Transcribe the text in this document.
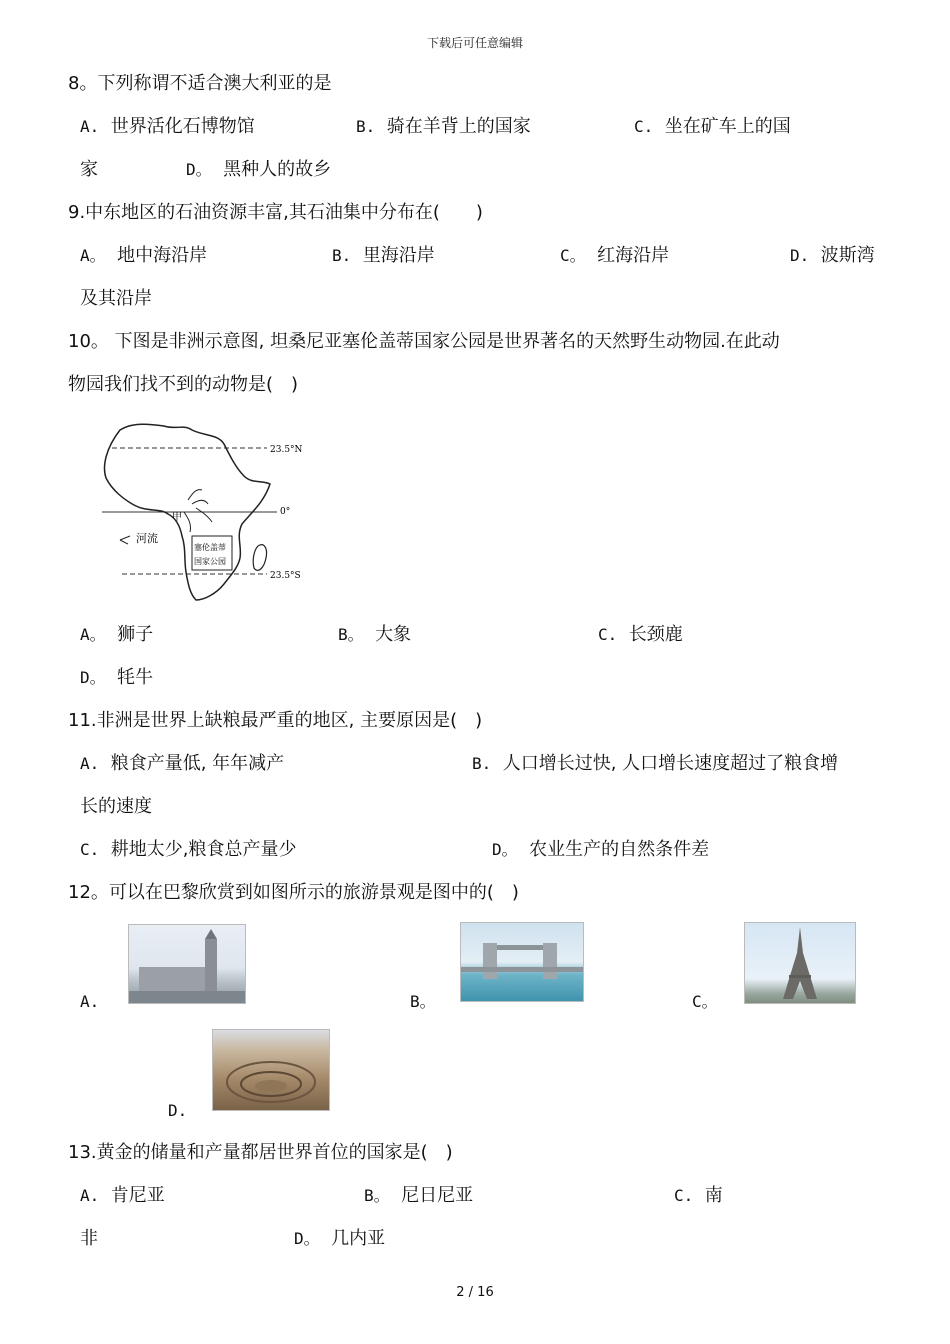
下载后可任意编辑
8。下列称谓不适合澳大利亚的是
A. 世界活化石博物馆	B. 骑在羊背上的国家	C. 坐在矿车上的国
家	D。 黑种人的故乡
9.中东地区的石油资源丰富,其石油集中分布在(　　)
A。 地中海沿岸	B. 里海沿岸	C。 红海沿岸	D. 波斯湾
及其沿岸
10。 下图是非洲示意图, 坦桑尼亚塞伦盖蒂国家公园是世界著名的天然野生动物园.在此动
物园我们找不到的动物是(　)
23.5°N
0°
23.5°S
甲
河流
塞伦盖蒂
国家公园
A。 狮子	B。 大象	C. 长颈鹿
D。 牦牛
11.非洲是世界上缺粮最严重的地区, 主要原因是(　)
A. 粮食产量低, 年年减产	B. 人口增长过快, 人口增长速度超过了粮食增
长的速度
C. 耕地太少,粮食总产量少	D。 农业生产的自然条件差
12。可以在巴黎欣赏到如图所示的旅游景观是图中的(　)
A.	B。	C。
D.
13.黄金的储量和产量都居世界首位的国家是(　)
A. 肯尼亚	B。 尼日尼亚	C. 南
非	D。 几内亚
2 / 16
